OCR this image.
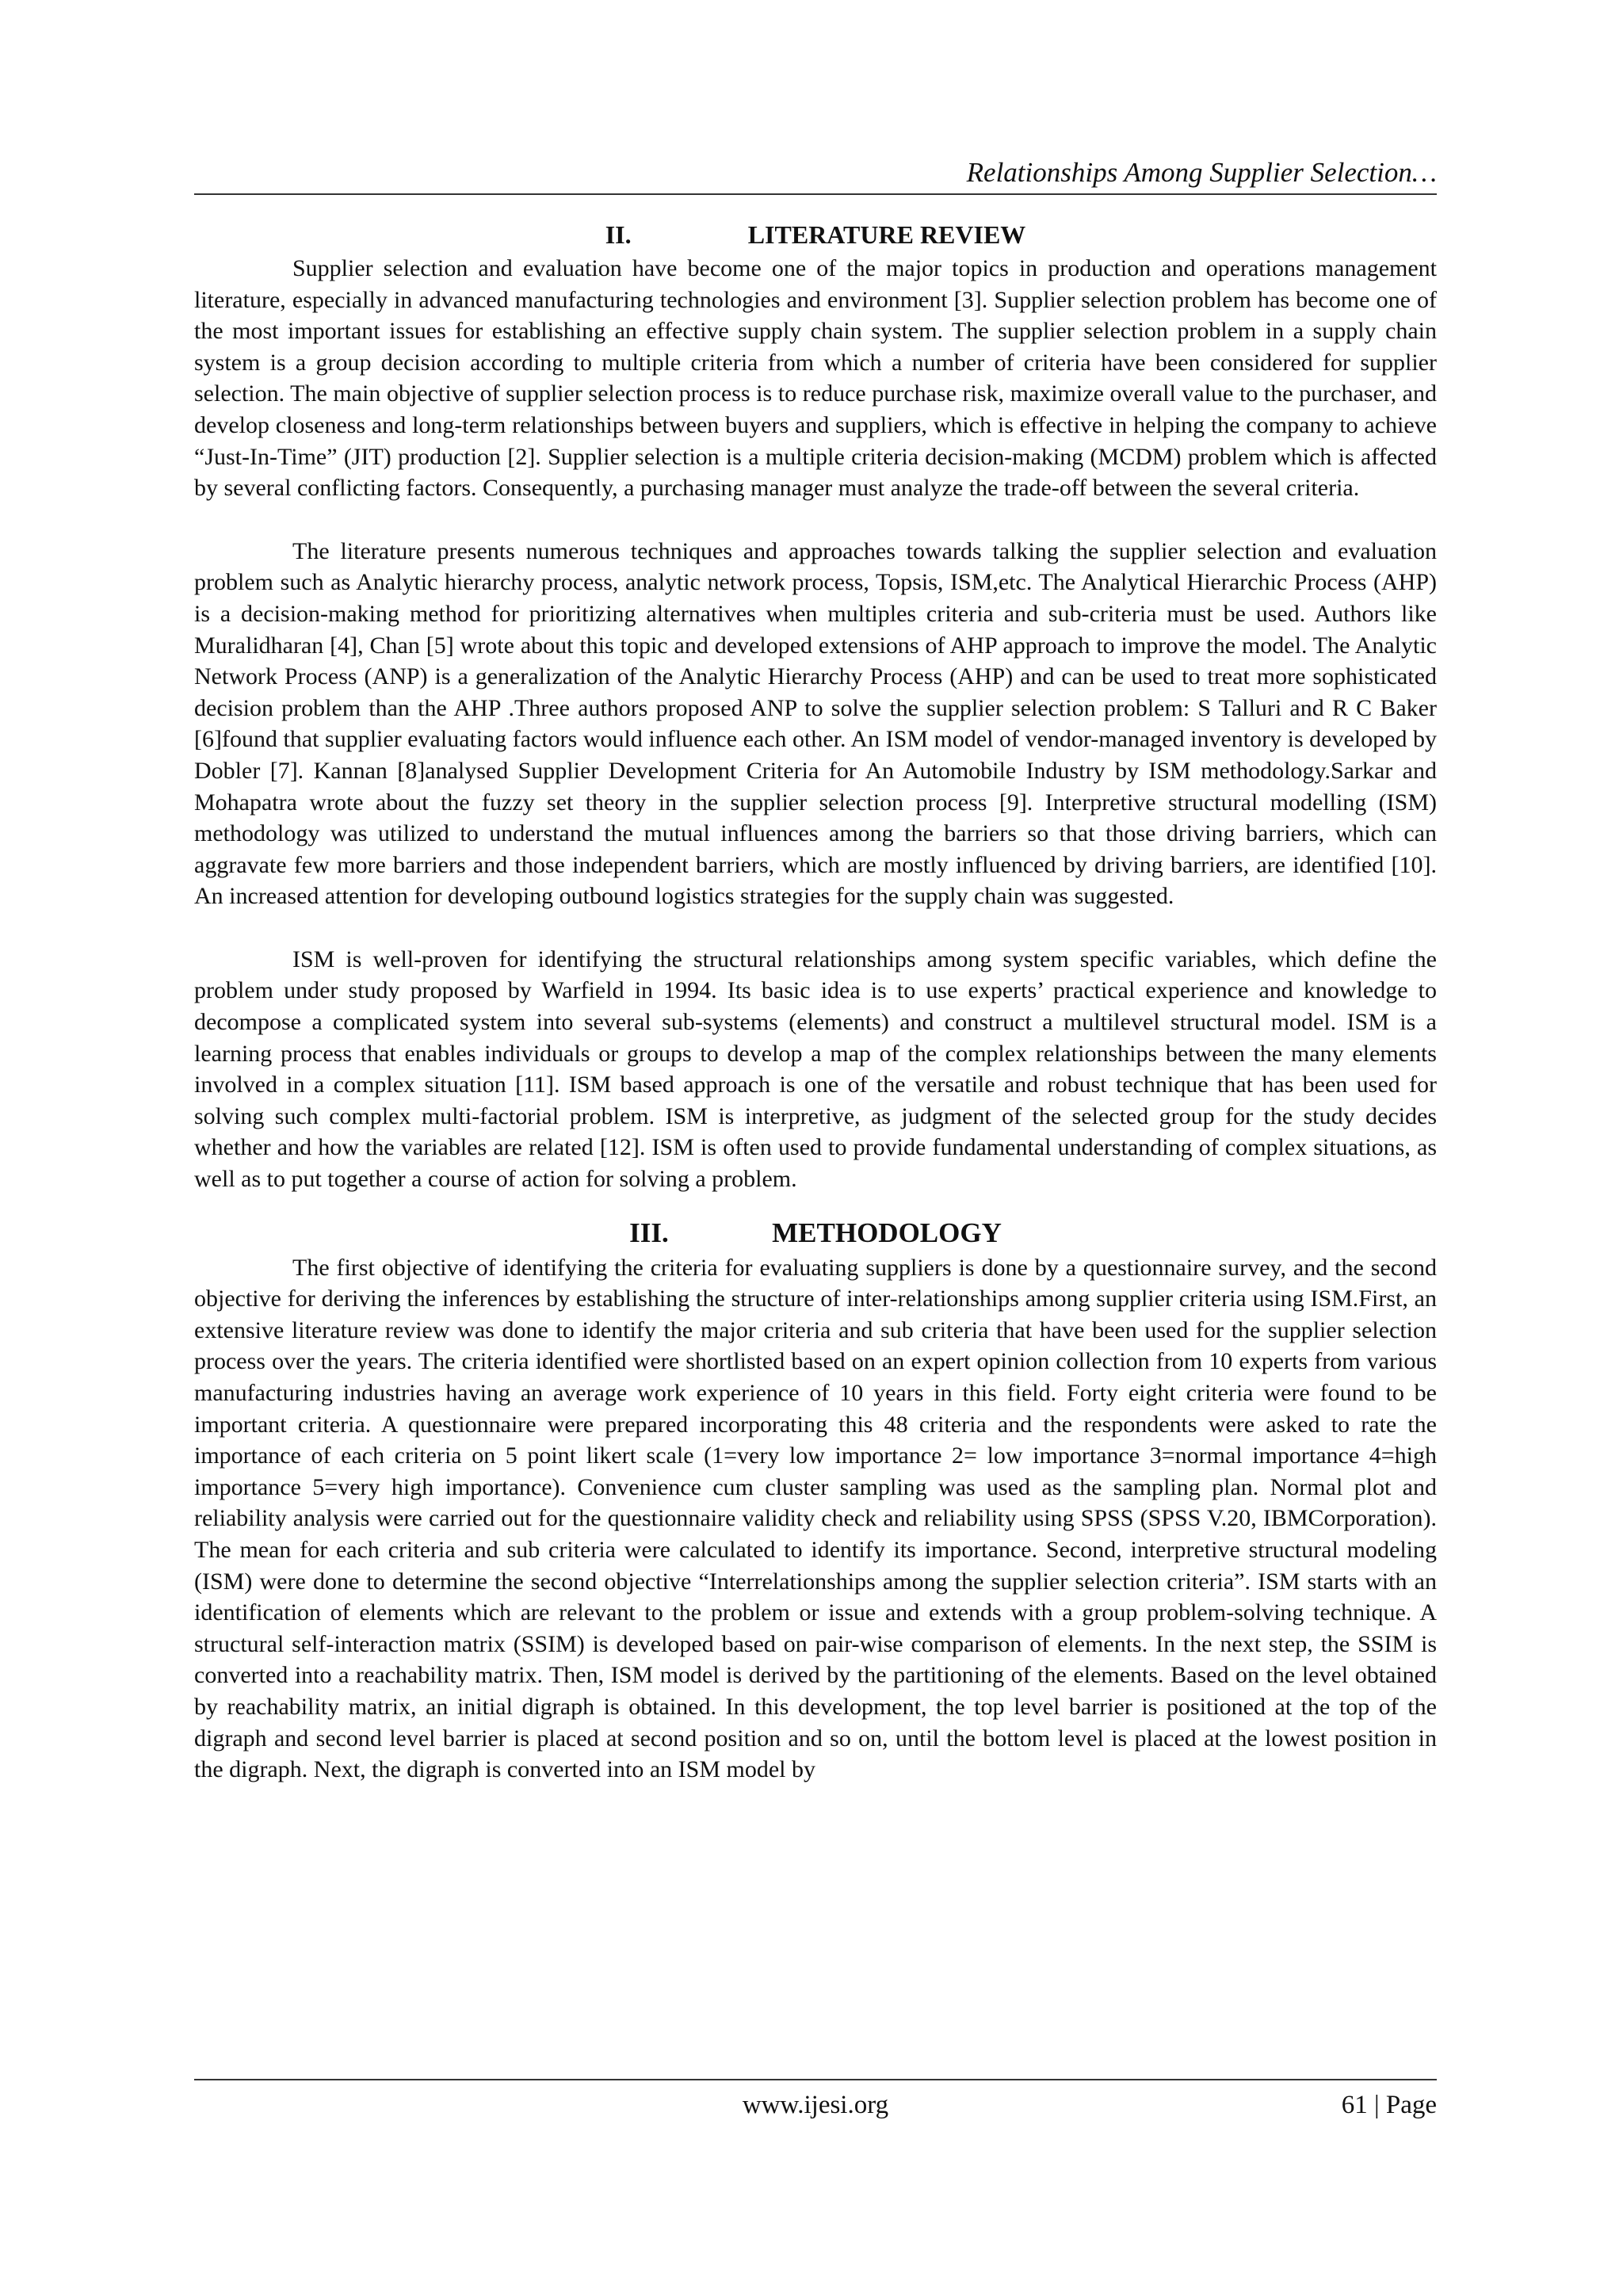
Relationships Among Supplier Selection…
II.	LITERATURE REVIEW

Supplier selection and evaluation have become one of the major topics in production and operations management literature, especially in advanced manufacturing technologies and environment [3]. Supplier selection problem has become one of the most important issues for establishing an effective supply chain system. The supplier selection problem in a supply chain system is a group decision according to multiple criteria from which a number of criteria have been considered for supplier selection. The main objective of supplier selection process is to reduce purchase risk, maximize overall value to the purchaser, and develop closeness and long-term relationships between buyers and suppliers, which is effective in helping the company to achieve “Just-In-Time” (JIT) production [2]. Supplier selection is a multiple criteria decision-making (MCDM) problem which is affected by several conflicting factors. Consequently, a purchasing manager must analyze the trade-off between the several criteria.

The literature presents numerous techniques and approaches towards talking the supplier selection and evaluation problem such as Analytic hierarchy process, analytic network process, Topsis, ISM,etc. The Analytical Hierarchic Process (AHP) is a decision-making method for prioritizing alternatives when multiples criteria and sub-criteria must be used. Authors like Muralidharan [4], Chan [5] wrote about this topic and developed extensions of AHP approach to improve the model. The Analytic Network Process (ANP) is a generalization of the Analytic Hierarchy Process (AHP) and can be used to treat more sophisticated decision problem than the AHP .Three authors proposed ANP to solve the supplier selection problem: S Talluri and R C Baker [6]found that supplier evaluating factors would influence each other. An ISM model of vendor-managed inventory is developed by Dobler [7]. Kannan [8]analysed Supplier Development Criteria for An Automobile Industry by ISM methodology.Sarkar and Mohapatra wrote about the fuzzy set theory in the supplier selection process [9]. Interpretive structural modelling (ISM) methodology was utilized to understand the mutual influences among the barriers so that those driving barriers, which can aggravate few more barriers and those independent barriers, which are mostly influenced by driving barriers, are identified [10]. An increased attention for developing outbound logistics strategies for the supply chain was suggested.

ISM is well-proven for identifying the structural relationships among system specific variables, which define the problem under study proposed by Warfield in 1994. Its basic idea is to use experts’ practical experience and knowledge to decompose a complicated system into several sub-systems (elements) and construct a multilevel structural model. ISM is a learning process that enables individuals or groups to develop a map of the complex relationships between the many elements involved in a complex situation [11]. ISM based approach is one of the versatile and robust technique that has been used for solving such complex multi-factorial problem. ISM is interpretive, as judgment of the selected group for the study decides whether and how the variables are related [12]. ISM is often used to provide fundamental understanding of complex situations, as well as to put together a course of action for solving a problem.

III.	METHODOLOGY

The first objective of identifying the criteria for evaluating suppliers is done by a questionnaire survey, and the second objective for deriving the inferences by establishing the structure of inter-relationships among supplier criteria using ISM.First, an extensive literature review was done to identify the major criteria and sub criteria that have been used for the supplier selection process over the years. The criteria identified were shortlisted based on an expert opinion collection from 10 experts from various manufacturing industries having an average work experience of 10 years in this field. Forty eight criteria were found to be important criteria. A questionnaire were prepared incorporating this 48 criteria and the respondents were asked to rate the importance of each criteria on 5 point likert scale (1=very low importance 2= low importance 3=normal importance 4=high importance 5=very high importance). Convenience cum cluster sampling was used as the sampling plan. Normal plot and reliability analysis were carried out for the questionnaire validity check and reliability using SPSS (SPSS V.20, IBMCorporation). The mean for each criteria and sub criteria were calculated to identify its importance. Second, interpretive structural modeling (ISM) were done to determine the second objective “Interrelationships among the supplier selection criteria”. ISM starts with an identification of elements which are relevant to the problem or issue and extends with a group problem-solving technique. A structural self-interaction matrix (SSIM) is developed based on pair-wise comparison of elements. In the next step, the SSIM is converted into a reachability matrix. Then, ISM model is derived by the partitioning of the elements. Based on the level obtained by reachability matrix, an initial digraph is obtained. In this development, the top level barrier is positioned at the top of the digraph and second level barrier is placed at second position and so on, until the bottom level is placed at the lowest position in the digraph. Next, the digraph is converted into an ISM model by

www.ijesi.org	61 | Page
